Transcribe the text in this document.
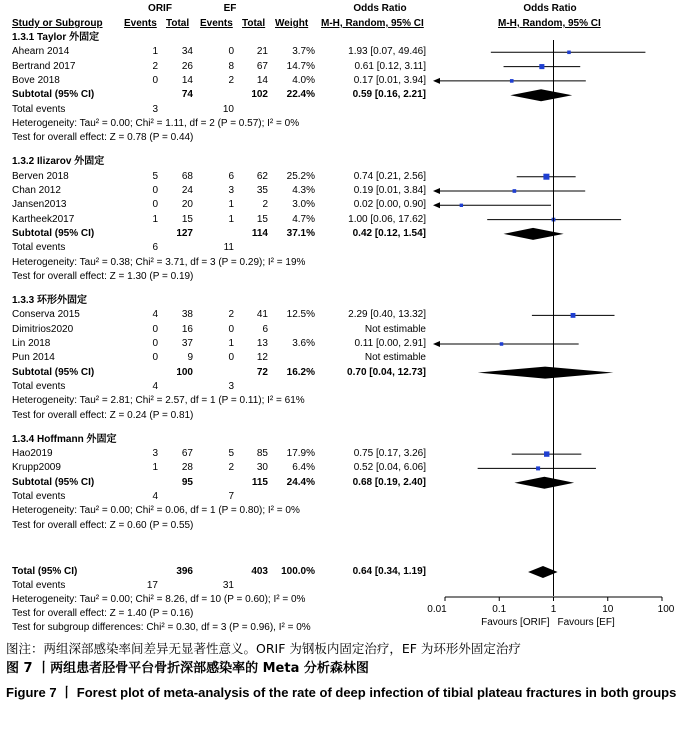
ORIF	EF	Odds Ratio	Odds Ratio
Study or Subgroup Events Total Events Total Weight M-H, Random, 95% CI	M-H, Random, 95% CI
1.3.1 Taylor 外固定
Ahearn 2014	1	34	0	21	3.7%	1.93 [0.07, 49.46]
Bertrand 2017	2	26	8	67	14.7%	0.61 [0.12, 3.11]
Bove 2018	0	14	2	14	4.0%	0.17 [0.01, 3.94]
Subtotal (95% CI)	74	102	22.4%	0.59 [0.16, 2.21]
Total events	3	10
Heterogeneity: Tau² = 0.00; Chi² = 1.11, df = 2 (P = 0.57); I² = 0%
Test for overall effect: Z = 0.78 (P = 0.44)
1.3.2 Ilizarov 外固定
Berven 2018	5	68	6	62	25.2%	0.74 [0.21, 2.56]
Chan 2012	0	24	3	35	4.3%	0.19 [0.01, 3.84]
Jansen2013	0	20	1	2	3.0%	0.02 [0.00, 0.90]
Kartheek2017	1	15	1	15	4.7%	1.00 [0.06, 17.62]
Subtotal (95% CI)	127	114	37.1%	0.42 [0.12, 1.54]
Total events	6	11
Heterogeneity: Tau² = 0.38; Chi² = 3.71, df = 3 (P = 0.29); I² = 19%
Test for overall effect: Z = 1.30 (P = 0.19)
1.3.3 环形外固定
Conserva 2015	4	38	2	41	12.5%	2.29 [0.40, 13.32]
Dimitrios2020	0	16	0	6	Not estimable
Lin 2018	0	37	1	13	3.6%	0.11 [0.00, 2.91]
Pun 2014	0	9	0	12	Not estimable
Subtotal (95% CI)	100	72	16.2%	0.70 [0.04, 12.73]
Total events	4	3
Heterogeneity: Tau² = 2.81; Chi² = 2.57, df = 1 (P = 0.11); I² = 61%
Test for overall effect: Z = 0.24 (P = 0.81)
1.3.4 Hoffmann 外固定
Hao2019	3	67	5	85	17.9%	0.75 [0.17, 3.26]
Krupp2009	1	28	2	30	6.4%	0.52 [0.04, 6.06]
Subtotal (95% CI)	95	115	24.4%	0.68 [0.19, 2.40]
Total events	4	7
Heterogeneity: Tau² = 0.00; Chi² = 0.06, df = 1 (P = 0.80); I² = 0%
Test for overall effect: Z = 0.60 (P = 0.55)
Total (95% CI)	396	403	100.0%	0.64 [0.34, 1.19]
Total events	17	31
Heterogeneity: Tau² = 0.00; Chi² = 8.26, df = 10 (P = 0.60); I² = 0%
Test for overall effect: Z = 1.40 (P = 0.16)
Test for subgroup differences: Chi² = 0.30, df = 3 (P = 0.96), I² = 0%
0.01	0.1	1	10	100
Favours [ORIF] Favours [EF]
图注：两组深部感染率间差异无显著性意义。ORIF 为钢板内固定治疗，EF 为环形外固定治疗
图 7 丨两组患者胫骨平台骨折深部感染率的 Meta 分析森林图
Figure 7 丨 Forest plot of meta-analysis of the rate of deep infection of tibial plateau fractures in both groups
